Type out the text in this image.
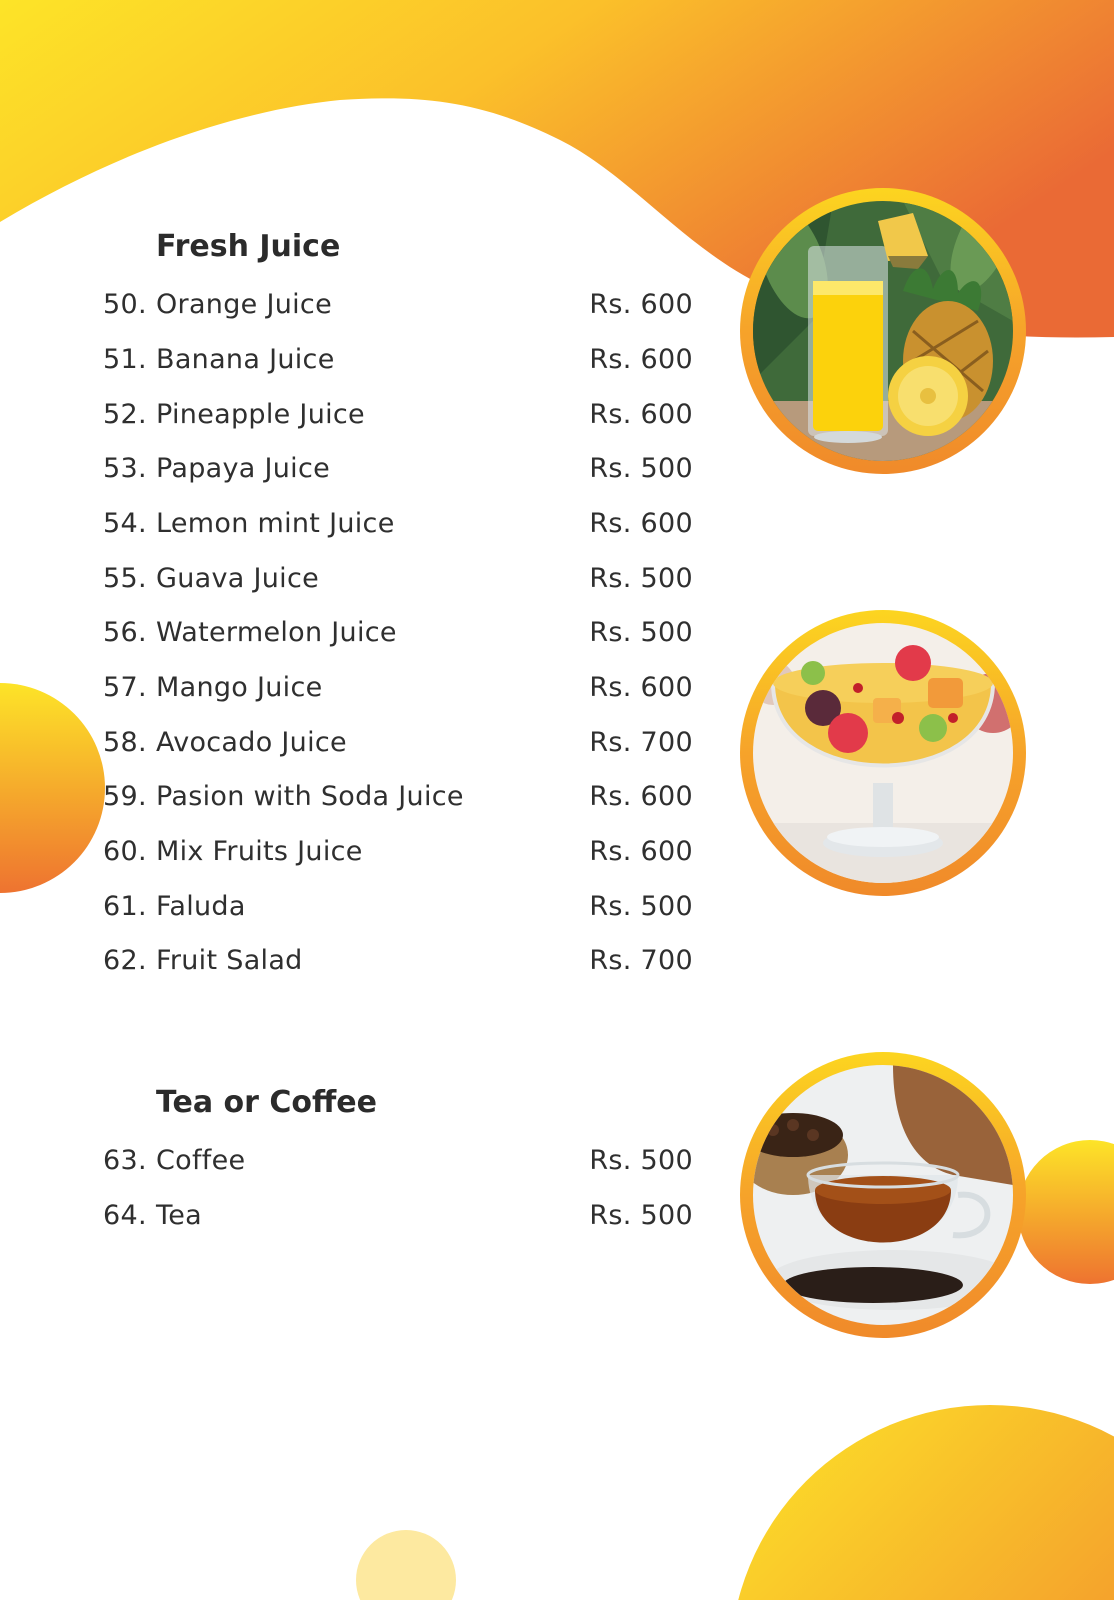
Fresh Juice
50. Orange Juice	Rs. 600
51. Banana Juice	Rs. 600
52. Pineapple Juice	Rs. 600
53. Papaya Juice	Rs. 500
54. Lemon mint Juice	Rs. 600
55. Guava Juice	Rs. 500
56. Watermelon Juice	Rs. 500
57. Mango Juice	Rs. 600
58. Avocado Juice	Rs. 700
59. Pasion with Soda Juice	Rs. 600
60. Mix Fruits Juice	Rs. 600
61. Faluda	Rs. 500
62. Fruit Salad	Rs. 700
Tea or Coffee
63. Coffee	Rs. 500
64. Tea	Rs. 500
